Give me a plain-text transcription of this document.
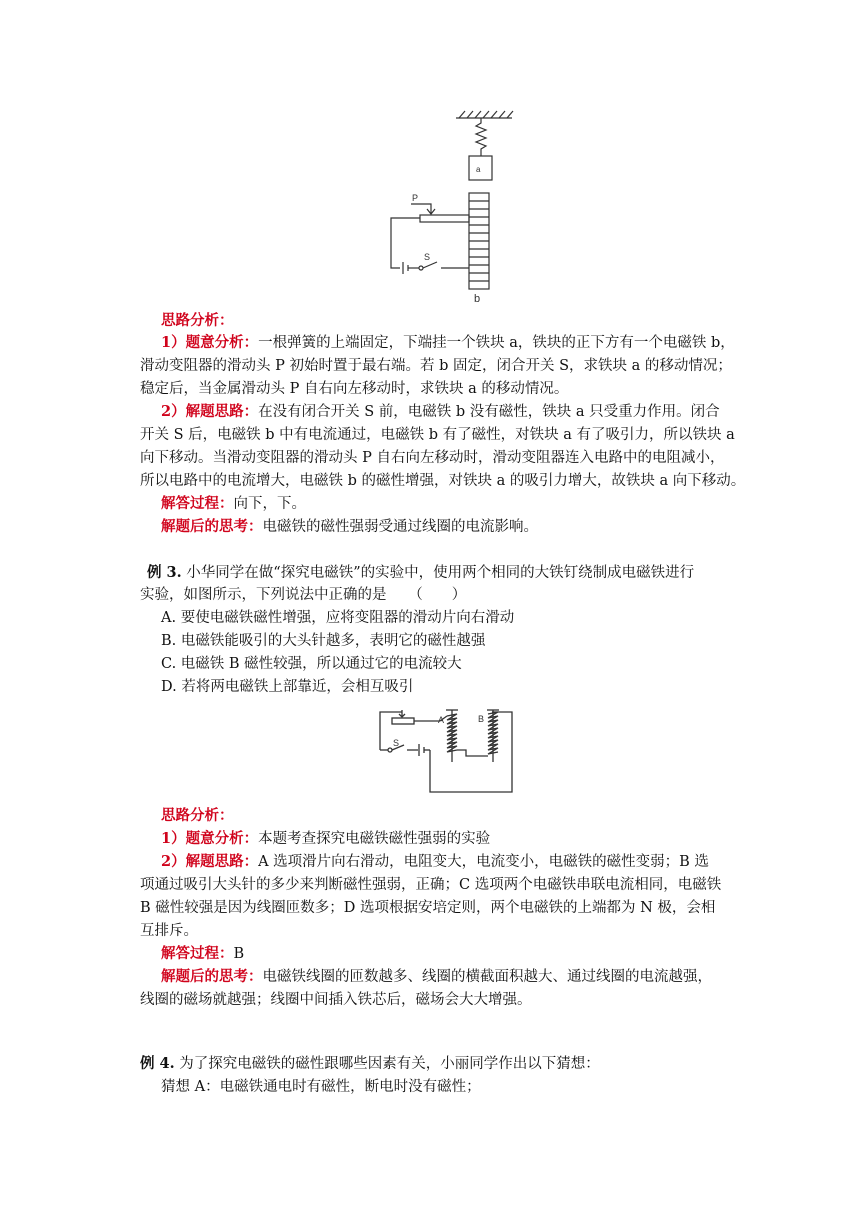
a
b
P
S
思路分析：
1）题意分析：一根弹簧的上端固定，下端挂一个铁块 a，铁块的正下方有一个电磁铁 b，
滑动变阻器的滑动头 P 初始时置于最右端。若 b 固定，闭合开关 S，求铁块 a 的移动情况；
稳定后，当金属滑动头 P 自右向左移动时，求铁块 a 的移动情况。
2）解题思路：在没有闭合开关 S 前，电磁铁 b 没有磁性，铁块 a 只受重力作用。闭合
开关 S 后，电磁铁 b 中有电流通过，电磁铁 b 有了磁性，对铁块 a 有了吸引力，所以铁块 a
向下移动。当滑动变阻器的滑动头 P 自右向左移动时，滑动变阻器连入电路中的电阻减小，
所以电路中的电流增大，电磁铁 b 的磁性增强，对铁块 a 的吸引力增大，故铁块 a 向下移动。
解答过程：向下，下。
解题后的思考：电磁铁的磁性强弱受通过线圈的电流影响。
例 3. 小华同学在做“探究电磁铁”的实验中，使用两个相同的大铁钉绕制成电磁铁进行
实验，如图所示，下列说法中正确的是　　（　　）
A. 要使电磁铁磁性增强，应将变阻器的滑动片向右滑动
B. 电磁铁能吸引的大头针越多，表明它的磁性越强
C. 电磁铁 B 磁性较强，所以通过它的电流较大
D. 若将两电磁铁上部靠近，会相互吸引
A	B
S
思路分析：
1）题意分析：本题考查探究电磁铁磁性强弱的实验
2）解题思路：A 选项滑片向右滑动，电阻变大，电流变小，电磁铁的磁性变弱；B 选
项通过吸引大头针的多少来判断磁性强弱，正确；C 选项两个电磁铁串联电流相同，电磁铁
B 磁性较强是因为线圈匝数多；D 选项根据安培定则，两个电磁铁的上端都为 N 极，会相
互排斥。
解答过程：B
解题后的思考：电磁铁线圈的匝数越多、线圈的横截面积越大、通过线圈的电流越强，
线圈的磁场就越强；线圈中间插入铁芯后，磁场会大大增强。
例 4. 为了探究电磁铁的磁性跟哪些因素有关，小丽同学作出以下猜想：
猜想 A：电磁铁通电时有磁性，断电时没有磁性；
